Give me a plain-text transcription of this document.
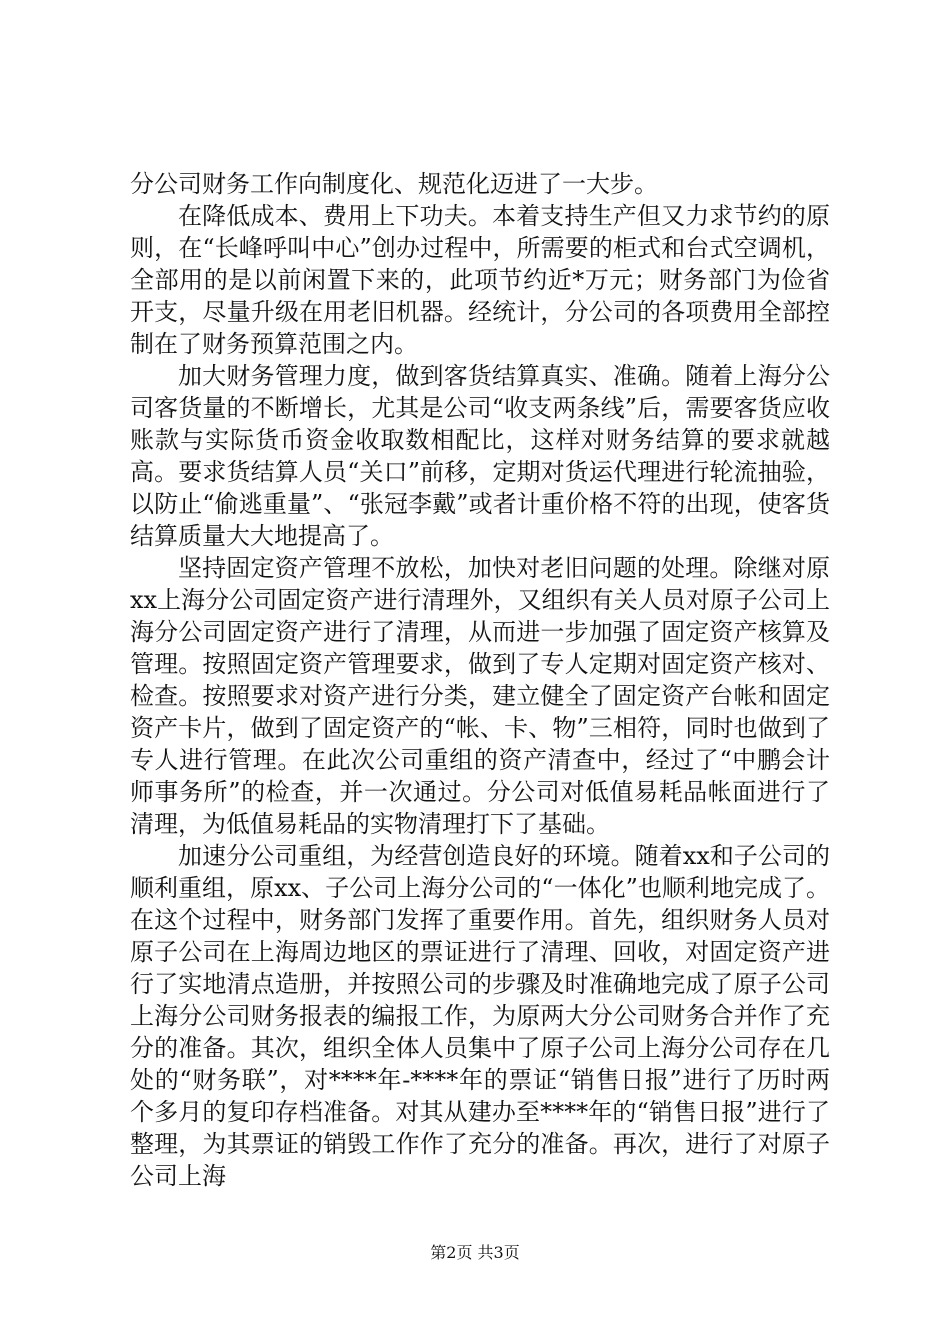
分公司财务工作向制度化、规范化迈进了一大步。

在降低成本、费用上下功夫。本着支持生产但又力求节约的原则，在“长峰呼叫中心”创办过程中，所需要的柜式和台式空调机，全部用的是以前闲置下来的，此项节约近*万元；财务部门为俭省开支，尽量升级在用老旧机器。经统计，分公司的各项费用全部控制在了财务预算范围之内。

加大财务管理力度，做到客货结算真实、准确。随着上海分公司客货量的不断增长，尤其是公司“收支两条线”后，需要客货应收账款与实际货币资金收取数相配比，这样对财务结算的要求就越高。要求货结算人员“关口”前移，定期对货运代理进行轮流抽验，以防止“偷逃重量”、“张冠李戴”或者计重价格不符的出现，使客货结算质量大大地提高了。

坚持固定资产管理不放松，加快对老旧问题的处理。除继对原xx上海分公司固定资产进行清理外，又组织有关人员对原子公司上海分公司固定资产进行了清理，从而进一步加强了固定资产核算及管理。按照固定资产管理要求，做到了专人定期对固定资产核对、检查。按照要求对资产进行分类，建立健全了固定资产台帐和固定资产卡片，做到了固定资产的“帐、卡、物”三相符，同时也做到了专人进行管理。在此次公司重组的资产清查中，经过了“中鹏会计师事务所”的检查，并一次通过。分公司对低值易耗品帐面进行了清理，为低值易耗品的实物清理打下了基础。

加速分公司重组，为经营创造良好的环境。随着xx和子公司的顺利重组，原xx、子公司上海分公司的“一体化”也顺利地完成了。在这个过程中，财务部门发挥了重要作用。首先，组织财务人员对原子公司在上海周边地区的票证进行了清理、回收，对固定资产进行了实地清点造册，并按照公司的步骤及时准确地完成了原子公司上海分公司财务报表的编报工作，为原两大分公司财务合并作了充分的准备。其次，组织全体人员集中了原子公司上海分公司存在几处的“财务联”，对****年-****年的票证“销售日报”进行了历时两个多月的复印存档准备。对其从建办至****年的“销售日报”进行了整理，为其票证的销毁工作作了充分的准备。再次，进行了对原子公司上海

第2页 共3页
